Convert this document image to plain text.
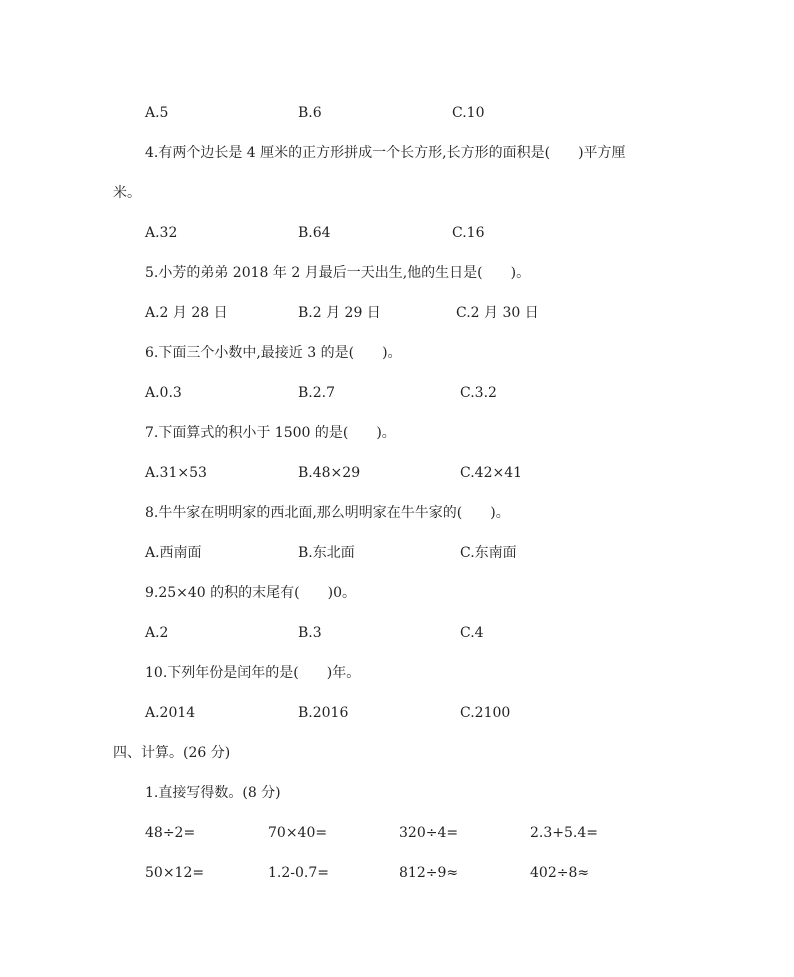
A.5	B.6	C.10
4.有两个边长是 4 厘米的正方形拼成一个长方形,长方形的面积是(　　)平方厘
米。
A.32	B.64	C.16
5.小芳的弟弟 2018 年 2 月最后一天出生,他的生日是(　　)。
A.2 月 28 日	B.2 月 29 日	C.2 月 30 日
6.下面三个小数中,最接近 3 的是(　　)。
A.0.3	B.2.7	C.3.2
7.下面算式的积小于 1500 的是(　　)。
A.31×53	B.48×29	C.42×41
8.牛牛家在明明家的西北面,那么明明家在牛牛家的(　　)。
A.西南面	B.东北面	C.东南面
9.25×40 的积的末尾有(　　)0。
A.2	B.3	C.4
10.下列年份是闰年的是(　　)年。
A.2014	B.2016	C.2100
四、计算。(26 分)
1.直接写得数。(8 分)
48÷2=	70×40=	320÷4=	2.3+5.4=
50×12=	1.2-0.7=	812÷9≈	402÷8≈
